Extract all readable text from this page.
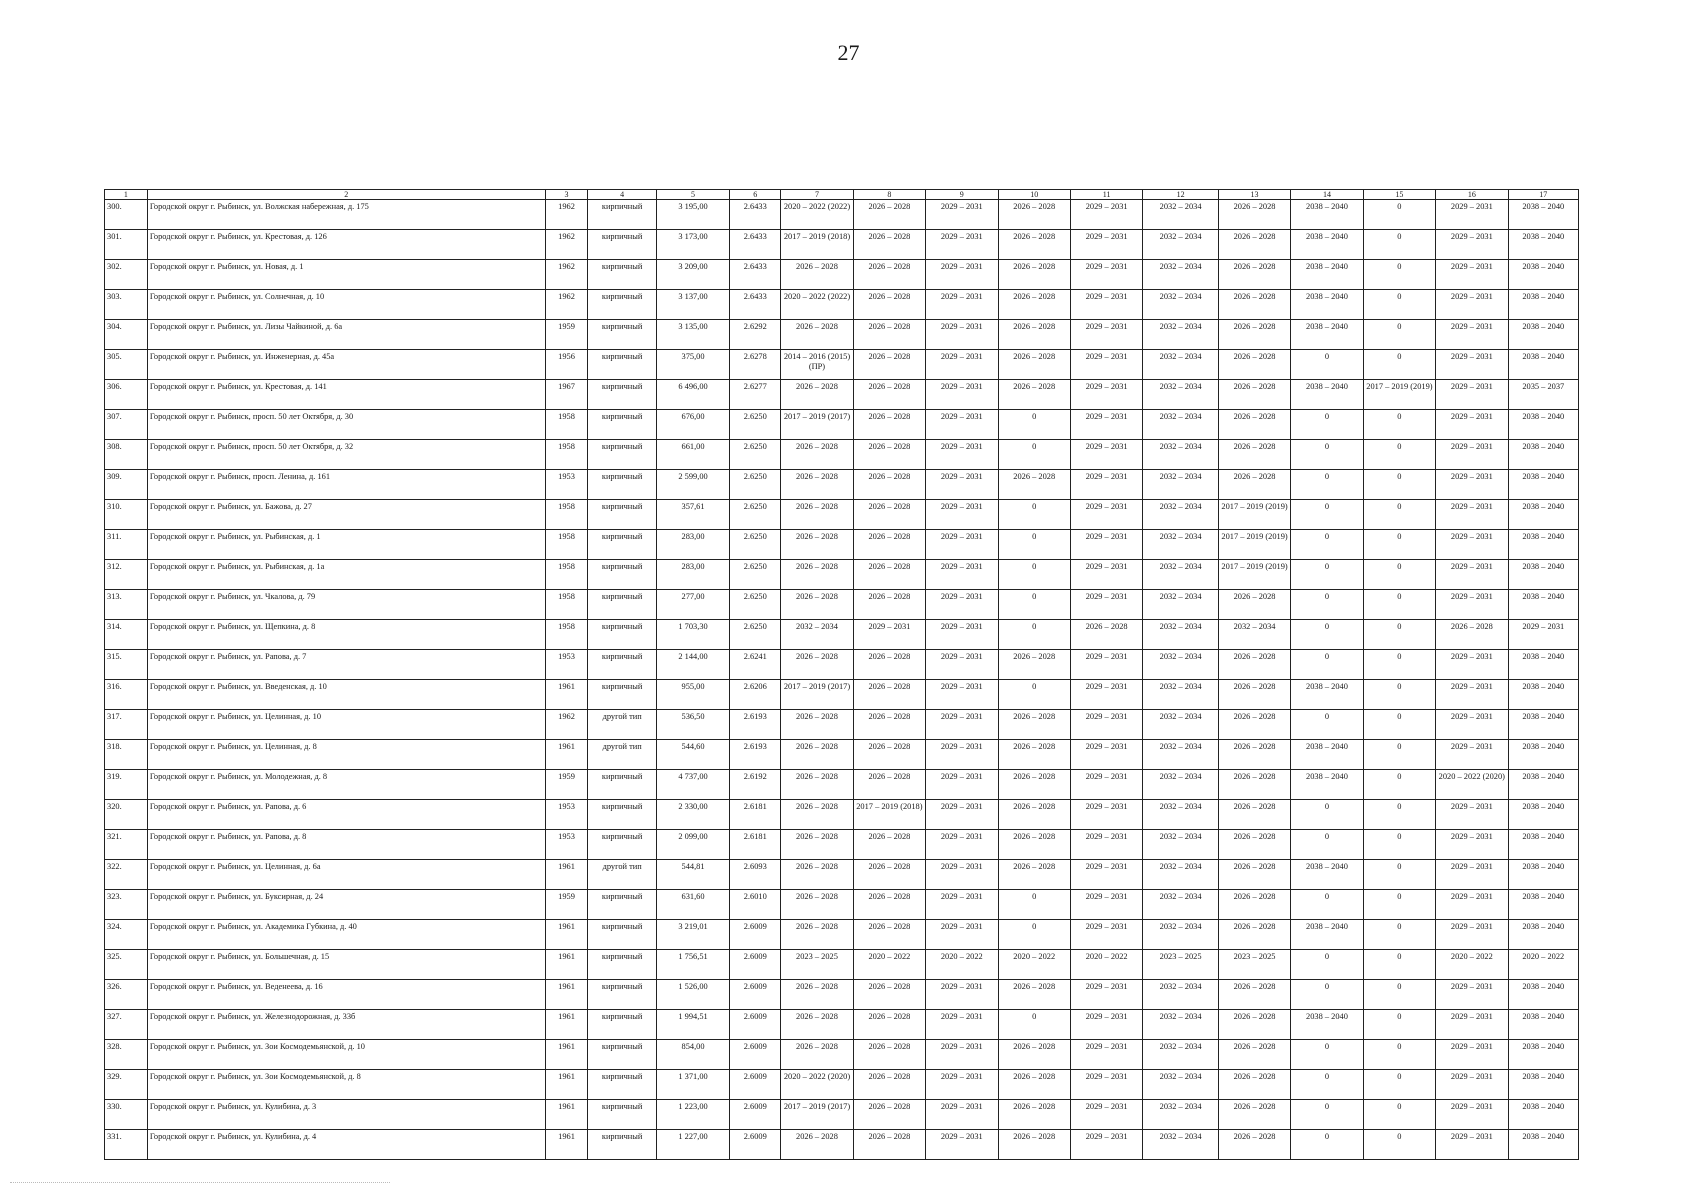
27
1	2	3	4	5	6	7	8	9	10	11	12	13	14	15	16	17
300.	Городской округ г. Рыбинск, ул. Волжская набережная, д. 175	1962	кирпичный	3 195,00	2.6433	2020 – 2022 (2022)	2026 – 2028	2029 – 2031	2026 – 2028	2029 – 2031	2032 – 2034	2026 – 2028	2038 – 2040	0	2029 – 2031	2038 – 2040
301.	Городской округ г. Рыбинск, ул. Крестовая, д. 126	1962	кирпичный	3 173,00	2.6433	2017 – 2019 (2018)	2026 – 2028	2029 – 2031	2026 – 2028	2029 – 2031	2032 – 2034	2026 – 2028	2038 – 2040	0	2029 – 2031	2038 – 2040
302.	Городской округ г. Рыбинск, ул. Новая, д. 1	1962	кирпичный	3 209,00	2.6433	2026 – 2028	2026 – 2028	2029 – 2031	2026 – 2028	2029 – 2031	2032 – 2034	2026 – 2028	2038 – 2040	0	2029 – 2031	2038 – 2040
303.	Городской округ г. Рыбинск, ул. Солнечная, д. 10	1962	кирпичный	3 137,00	2.6433	2020 – 2022 (2022)	2026 – 2028	2029 – 2031	2026 – 2028	2029 – 2031	2032 – 2034	2026 – 2028	2038 – 2040	0	2029 – 2031	2038 – 2040
304.	Городской округ г. Рыбинск, ул. Лизы Чайкиной, д. 6а	1959	кирпичный	3 135,00	2.6292	2026 – 2028	2026 – 2028	2029 – 2031	2026 – 2028	2029 – 2031	2032 – 2034	2026 – 2028	2038 – 2040	0	2029 – 2031	2038 – 2040
305.	Городской округ г. Рыбинск, ул. Инженерная, д. 45а	1956	кирпичный	375,00	2.6278	2014 – 2016 (2015) (ПР)	2026 – 2028	2029 – 2031	2026 – 2028	2029 – 2031	2032 – 2034	2026 – 2028	0	0	2029 – 2031	2038 – 2040
306.	Городской округ г. Рыбинск, ул. Крестовая, д. 141	1967	кирпичный	6 496,00	2.6277	2026 – 2028	2026 – 2028	2029 – 2031	2026 – 2028	2029 – 2031	2032 – 2034	2026 – 2028	2038 – 2040	2017 – 2019 (2019)	2029 – 2031	2035 – 2037
307.	Городской округ г. Рыбинск, просп. 50 лет Октября, д. 30	1958	кирпичный	676,00	2.6250	2017 – 2019 (2017)	2026 – 2028	2029 – 2031	0	2029 – 2031	2032 – 2034	2026 – 2028	0	0	2029 – 2031	2038 – 2040
308.	Городской округ г. Рыбинск, просп. 50 лет Октября, д. 32	1958	кирпичный	661,00	2.6250	2026 – 2028	2026 – 2028	2029 – 2031	0	2029 – 2031	2032 – 2034	2026 – 2028	0	0	2029 – 2031	2038 – 2040
309.	Городской округ г. Рыбинск, просп. Ленина, д. 161	1953	кирпичный	2 599,00	2.6250	2026 – 2028	2026 – 2028	2029 – 2031	2026 – 2028	2029 – 2031	2032 – 2034	2026 – 2028	0	0	2029 – 2031	2038 – 2040
310.	Городской округ г. Рыбинск, ул. Бажова, д. 27	1958	кирпичный	357,61	2.6250	2026 – 2028	2026 – 2028	2029 – 2031	0	2029 – 2031	2032 – 2034	2017 – 2019 (2019)	0	0	2029 – 2031	2038 – 2040
311.	Городской округ г. Рыбинск, ул. Рыбинская, д. 1	1958	кирпичный	283,00	2.6250	2026 – 2028	2026 – 2028	2029 – 2031	0	2029 – 2031	2032 – 2034	2017 – 2019 (2019)	0	0	2029 – 2031	2038 – 2040
312.	Городской округ г. Рыбинск, ул. Рыбинская, д. 1а	1958	кирпичный	283,00	2.6250	2026 – 2028	2026 – 2028	2029 – 2031	0	2029 – 2031	2032 – 2034	2017 – 2019 (2019)	0	0	2029 – 2031	2038 – 2040
313.	Городской округ г. Рыбинск, ул. Чкалова, д. 79	1958	кирпичный	277,00	2.6250	2026 – 2028	2026 – 2028	2029 – 2031	0	2029 – 2031	2032 – 2034	2026 – 2028	0	0	2029 – 2031	2038 – 2040
314.	Городской округ г. Рыбинск, ул. Щепкина, д. 8	1958	кирпичный	1 703,30	2.6250	2032 – 2034	2029 – 2031	2029 – 2031	0	2026 – 2028	2032 – 2034	2032 – 2034	0	0	2026 – 2028	2029 – 2031
315.	Городской округ г. Рыбинск, ул. Рапова, д. 7	1953	кирпичный	2 144,00	2.6241	2026 – 2028	2026 – 2028	2029 – 2031	2026 – 2028	2029 – 2031	2032 – 2034	2026 – 2028	0	0	2029 – 2031	2038 – 2040
316.	Городской округ г. Рыбинск, ул. Введенская, д. 10	1961	кирпичный	955,00	2.6206	2017 – 2019 (2017)	2026 – 2028	2029 – 2031	0	2029 – 2031	2032 – 2034	2026 – 2028	2038 – 2040	0	2029 – 2031	2038 – 2040
317.	Городской округ г. Рыбинск, ул. Целинная, д. 10	1962	другой тип	536,50	2.6193	2026 – 2028	2026 – 2028	2029 – 2031	2026 – 2028	2029 – 2031	2032 – 2034	2026 – 2028	0	0	2029 – 2031	2038 – 2040
318.	Городской округ г. Рыбинск, ул. Целинная, д. 8	1961	другой тип	544,60	2.6193	2026 – 2028	2026 – 2028	2029 – 2031	2026 – 2028	2029 – 2031	2032 – 2034	2026 – 2028	2038 – 2040	0	2029 – 2031	2038 – 2040
319.	Городской округ г. Рыбинск, ул. Молодежная, д. 8	1959	кирпичный	4 737,00	2.6192	2026 – 2028	2026 – 2028	2029 – 2031	2026 – 2028	2029 – 2031	2032 – 2034	2026 – 2028	2038 – 2040	0	2020 – 2022 (2020)	2038 – 2040
320.	Городской округ г. Рыбинск, ул. Рапова, д. 6	1953	кирпичный	2 330,00	2.6181	2026 – 2028	2017 – 2019 (2018)	2029 – 2031	2026 – 2028	2029 – 2031	2032 – 2034	2026 – 2028	0	0	2029 – 2031	2038 – 2040
321.	Городской округ г. Рыбинск, ул. Рапова, д. 8	1953	кирпичный	2 099,00	2.6181	2026 – 2028	2026 – 2028	2029 – 2031	2026 – 2028	2029 – 2031	2032 – 2034	2026 – 2028	0	0	2029 – 2031	2038 – 2040
322.	Городской округ г. Рыбинск, ул. Целинная, д. 6а	1961	другой тип	544,81	2.6093	2026 – 2028	2026 – 2028	2029 – 2031	2026 – 2028	2029 – 2031	2032 – 2034	2026 – 2028	2038 – 2040	0	2029 – 2031	2038 – 2040
323.	Городской округ г. Рыбинск, ул. Буксирная, д. 24	1959	кирпичный	631,60	2.6010	2026 – 2028	2026 – 2028	2029 – 2031	0	2029 – 2031	2032 – 2034	2026 – 2028	0	0	2029 – 2031	2038 – 2040
324.	Городской округ г. Рыбинск, ул. Академика Губкина, д. 40	1961	кирпичный	3 219,01	2.6009	2026 – 2028	2026 – 2028	2029 – 2031	0	2029 – 2031	2032 – 2034	2026 – 2028	2038 – 2040	0	2029 – 2031	2038 – 2040
325.	Городской округ г. Рыбинск, ул. Большечная, д. 15	1961	кирпичный	1 756,51	2.6009	2023 – 2025	2020 – 2022	2020 – 2022	2020 – 2022	2020 – 2022	2023 – 2025	2023 – 2025	0	0	2020 – 2022	2020 – 2022
326.	Городской округ г. Рыбинск, ул. Веденеева, д. 16	1961	кирпичный	1 526,00	2.6009	2026 – 2028	2026 – 2028	2029 – 2031	2026 – 2028	2029 – 2031	2032 – 2034	2026 – 2028	0	0	2029 – 2031	2038 – 2040
327.	Городской округ г. Рыбинск, ул. Железнодорожная, д. 33б	1961	кирпичный	1 994,51	2.6009	2026 – 2028	2026 – 2028	2029 – 2031	0	2029 – 2031	2032 – 2034	2026 – 2028	2038 – 2040	0	2029 – 2031	2038 – 2040
328.	Городской округ г. Рыбинск, ул. Зои Космодемьянской, д. 10	1961	кирпичный	854,00	2.6009	2026 – 2028	2026 – 2028	2029 – 2031	2026 – 2028	2029 – 2031	2032 – 2034	2026 – 2028	0	0	2029 – 2031	2038 – 2040
329.	Городской округ г. Рыбинск, ул. Зои Космодемьянской, д. 8	1961	кирпичный	1 371,00	2.6009	2020 – 2022 (2020)	2026 – 2028	2029 – 2031	2026 – 2028	2029 – 2031	2032 – 2034	2026 – 2028	0	0	2029 – 2031	2038 – 2040
330.	Городской округ г. Рыбинск, ул. Кулибина, д. 3	1961	кирпичный	1 223,00	2.6009	2017 – 2019 (2017)	2026 – 2028	2029 – 2031	2026 – 2028	2029 – 2031	2032 – 2034	2026 – 2028	0	0	2029 – 2031	2038 – 2040
331.	Городской округ г. Рыбинск, ул. Кулибина, д. 4	1961	кирпичный	1 227,00	2.6009	2026 – 2028	2026 – 2028	2029 – 2031	2026 – 2028	2029 – 2031	2032 – 2034	2026 – 2028	0	0	2029 – 2031	2038 – 2040
